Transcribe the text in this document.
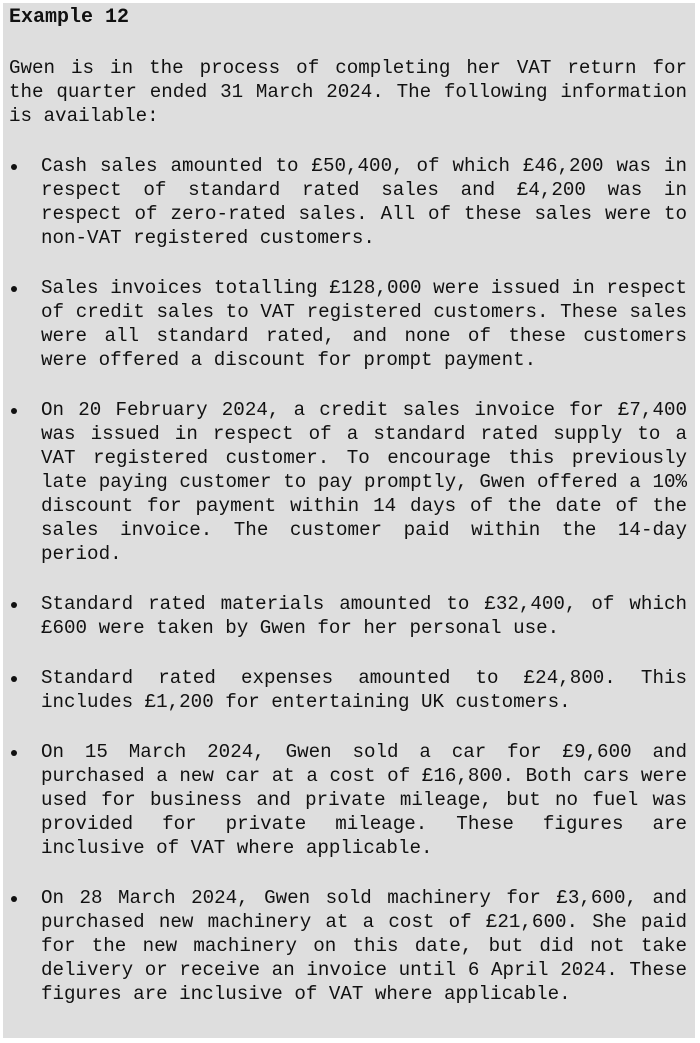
Example 12

Gwen is in the process of completing her VAT return for the quarter ended 31 March 2024. The following information is available:

Cash sales amounted to £50,400, of which £46,200 was in respect of standard rated sales and £4,200 was in respect of zero-rated sales. All of these sales were to non-VAT registered customers.
Sales invoices totalling £128,000 were issued in respect of credit sales to VAT registered customers. These sales were all standard rated, and none of these customers were offered a discount for prompt payment.
On 20 February 2024, a credit sales invoice for £7,400 was issued in respect of a standard rated supply to a VAT registered customer. To encourage this previously late paying customer to pay promptly, Gwen offered a 10% discount for payment within 14 days of the date of the sales invoice. The customer paid within the 14-day period.
Standard rated materials amounted to £32,400, of which £600 were taken by Gwen for her personal use.
Standard rated expenses amounted to £24,800. This includes £1,200 for entertaining UK customers.
On 15 March 2024, Gwen sold a car for £9,600 and purchased a new car at a cost of £16,800. Both cars were used for business and private mileage, but no fuel was provided for private mileage. These figures are inclusive of VAT where applicable.
On 28 March 2024, Gwen sold machinery for £3,600, and purchased new machinery at a cost of £21,600. She paid for the new machinery on this date, but did not take delivery or receive an invoice until 6 April 2024. These figures are inclusive of VAT where applicable.
